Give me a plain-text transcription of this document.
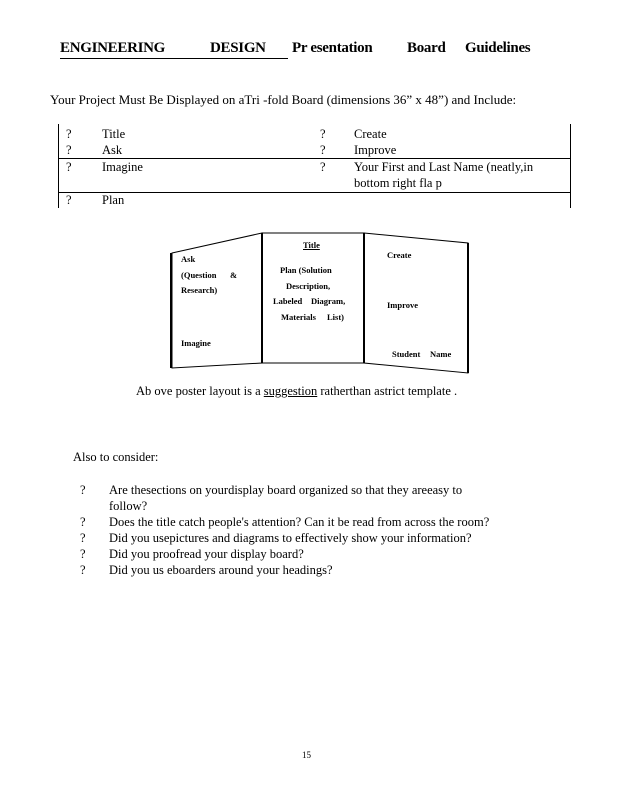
ENGINEERING	DESIGN Pr esentation Board Guidelines
Your Project Must Be Displayed on aTri -fold Board (dimensions 36” x 48”) and Include:
? Title	? Create
? Ask	? Improve
? Imagine	? Your First and Last Name (neatly,in
bottom right fla p
? Plan
Ask
(Question &
Research)
Imagine
Title
Plan (Solution
Description,
Labeled Diagram,
Materials List)
Create
Improve
Student Name
Ab ove poster layout is a suggestion ratherthan astrict template .
Also to consider:
? Are thesections on yourdisplay board organized so that they areeasy to
follow?
? Does the title catch people's attention? Can it be read from across the room?
? Did you usepictures and diagrams to effectively show your information?
? Did you proofread your display board?
? Did you us eboarders around your headings?
15
